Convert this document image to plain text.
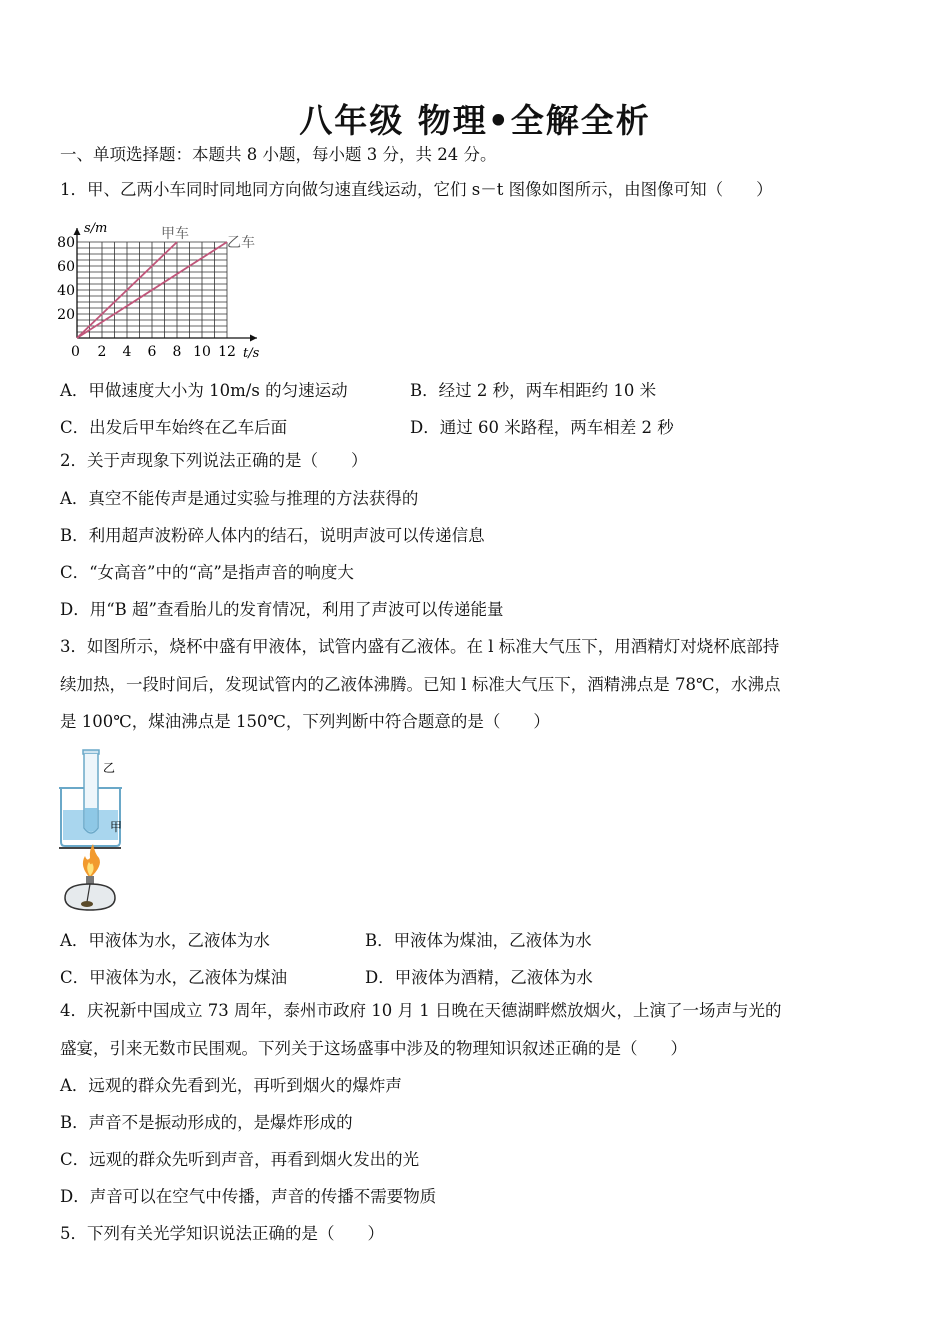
八年级 物理•全解全析
一、单项选择题：本题共 8 小题，每小题 3 分，共 24 分。
1．甲、乙两小车同时同地同方向做匀速直线运动，它们 s－t 图像如图所示，由图像可知（　　）
s/m
t/s
0 2 4 6 8 10 12
20
40
60
80
甲车
乙车
A．甲做速度大小为 10m/s 的匀速运动	B．经过 2 秒，两车相距约 10 米
C．出发后甲车始终在乙车后面	D．通过 60 米路程，两车相差 2 秒
2．关于声现象下列说法正确的是（　　）
A．真空不能传声是通过实验与推理的方法获得的
B．利用超声波粉碎人体内的结石，说明声波可以传递信息
C．“女高音”中的“高”是指声音的响度大
D．用“B 超”查看胎儿的发育情况，利用了声波可以传递能量
3．如图所示，烧杯中盛有甲液体，试管内盛有乙液体。在 l 标准大气压下，用酒精灯对烧杯底部持
续加热，一段时间后，发现试管内的乙液体沸腾。已知 l 标准大气压下，酒精沸点是 78℃，水沸点
是 100℃，煤油沸点是 150℃，下列判断中符合题意的是（　　）
乙
甲
A．甲液体为水，乙液体为水	B．甲液体为煤油，乙液体为水
C．甲液体为水，乙液体为煤油	D．甲液体为酒精，乙液体为水
4．庆祝新中国成立 73 周年，泰州市政府 10 月 1 日晚在天德湖畔燃放烟火，上演了一场声与光的
盛宴，引来无数市民围观。下列关于这场盛事中涉及的物理知识叙述正确的是（　　）
A．远观的群众先看到光，再听到烟火的爆炸声
B．声音不是振动形成的，是爆炸形成的
C．远观的群众先听到声音，再看到烟火发出的光
D．声音可以在空气中传播，声音的传播不需要物质
5．下列有关光学知识说法正确的是（　　）
